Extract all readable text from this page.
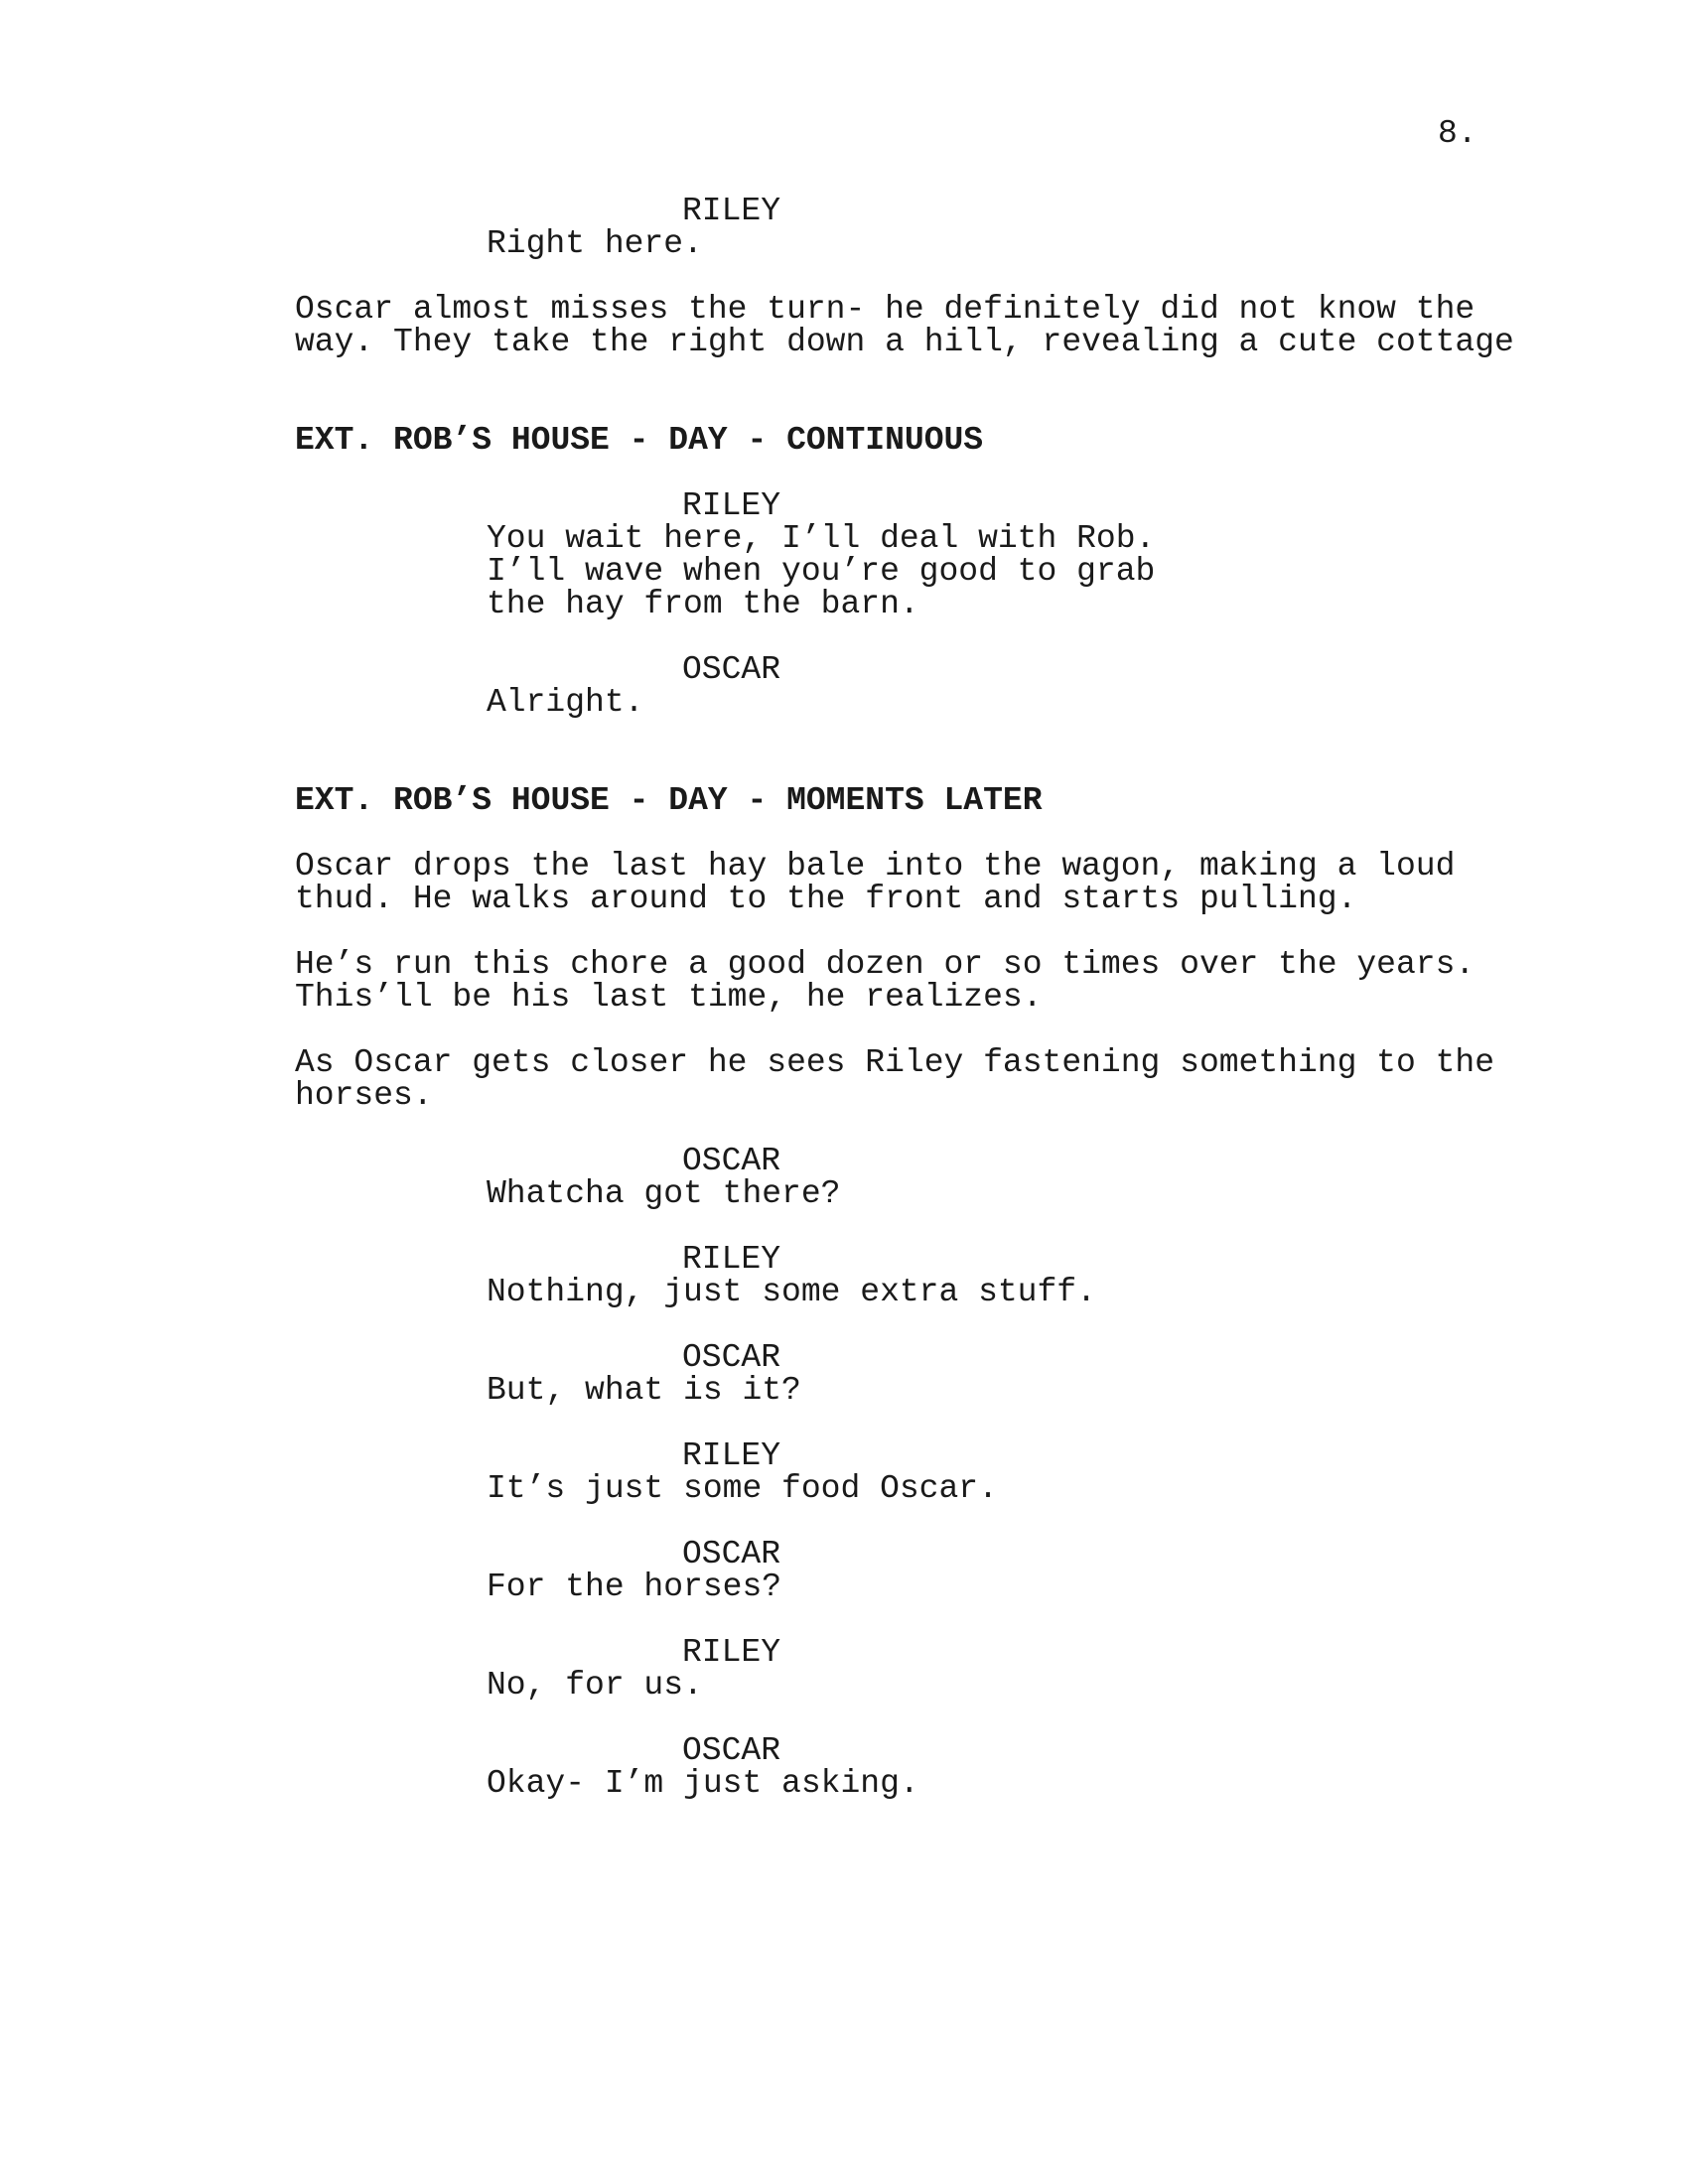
8.
RILEY
Right here.
Oscar almost misses the turn- he definitely did not know the
way. They take the right down a hill, revealing a cute cottage
EXT. ROB’S HOUSE - DAY - CONTINUOUS
RILEY
You wait here, I’ll deal with Rob.
I’ll wave when you’re good to grab
the hay from the barn.
OSCAR
Alright.
EXT. ROB’S HOUSE - DAY - MOMENTS LATER
Oscar drops the last hay bale into the wagon, making a loud
thud. He walks around to the front and starts pulling.
He’s run this chore a good dozen or so times over the years.
This’ll be his last time, he realizes.
As Oscar gets closer he sees Riley fastening something to the
horses.
OSCAR
Whatcha got there?
RILEY
Nothing, just some extra stuff.
OSCAR
But, what is it?
RILEY
It’s just some food Oscar.
OSCAR
For the horses?
RILEY
No, for us.
OSCAR
Okay- I’m just asking.
